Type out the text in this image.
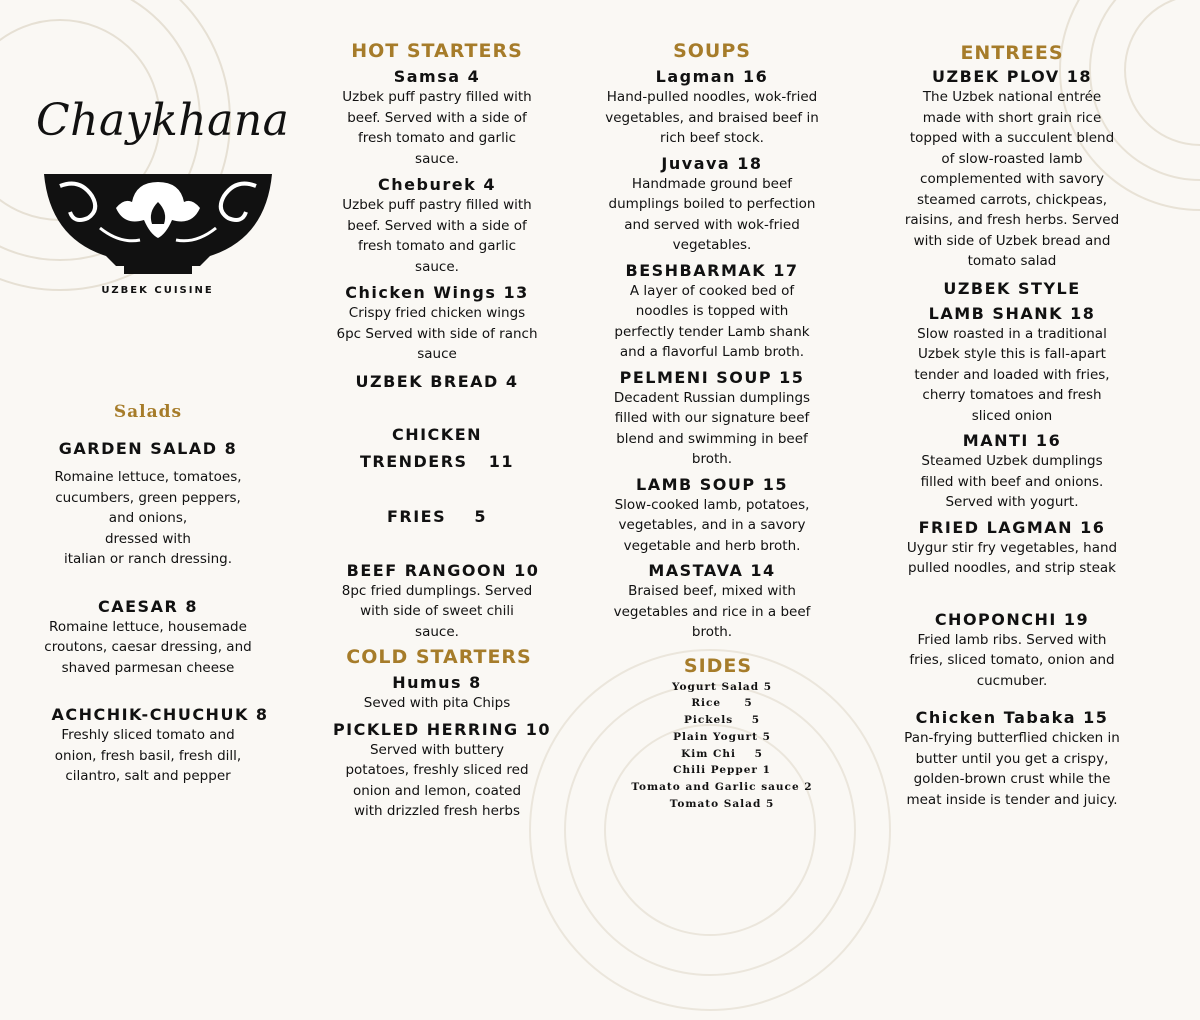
Chaykhana
UZBEK CUISINE

Salads

GARDEN SALAD 8

Romaine lettuce, tomatoes,

cucumbers, green peppers,

and onions,

dressed with

italian or ranch dressing.

CAESAR 8

Romaine lettuce, housemade

croutons, caesar dressing, and

shaved parmesan cheese

ACHCHIK-CHUCHUK 8

Freshly sliced tomato and

onion, fresh basil, fresh dill,

cilantro, salt and pepper

HOT STARTERS

Samsa 4

Uzbek puff pastry filled with

beef. Served with a side of

fresh tomato and garlic

sauce.

Cheburek 4

Uzbek puff pastry filled with

beef. Served with a side of

fresh tomato and garlic

sauce.

Chicken Wings 13

Crispy fried chicken wings

6pc Served with side of ranch

sauce

UZBEK BREAD 4

CHICKEN

TRENDERS   11

FRIES    5

BEEF RANGOON 10

8pc fried dumplings. Served

with side of sweet chili

sauce.

COLD STARTERS

Humus 8

Seved with pita Chips

PICKLED HERRING 10

Served with buttery

potatoes, freshly sliced red

onion and lemon, coated

with drizzled fresh herbs

SOUPS

Lagman 16

Hand-pulled noodles, wok-fried

vegetables, and braised beef in

rich beef stock.

Juvava 18

Handmade ground beef

dumplings boiled to perfection

and served with wok-fried

vegetables.

BESHBARMAK 17

A layer of cooked bed of

noodles is topped with

perfectly tender Lamb shank

and a flavorful Lamb broth.

PELMENI SOUP 15

Decadent Russian dumplings

filled with our signature beef

blend and swimming in beef

broth.

LAMB SOUP 15

Slow-cooked lamb, potatoes,

vegetables, and in a savory

vegetable and herb broth.

MASTAVA 14

Braised beef, mixed with

vegetables and rice in a beef

broth.

SIDES

Yogurt Salad 5

Rice     5

Pickels    5

Plain Yogurt 5

Kim Chi    5

Chili Pepper 1

Tomato and Garlic sauce 2

Tomato Salad 5

ENTREES

UZBEK PLOV 18

The Uzbek national entrée

made with short grain rice

topped with a succulent blend

of slow-roasted lamb

complemented with savory

steamed carrots, chickpeas,

raisins, and fresh herbs. Served

with side of Uzbek bread and

tomato salad

UZBEK STYLE

LAMB SHANK 18

Slow roasted in a traditional

Uzbek style this is fall-apart

tender and loaded with fries,

cherry tomatoes and fresh

sliced onion

MANTI 16

Steamed Uzbek dumplings

filled with beef and onions.

Served with yogurt.

FRIED LAGMAN 16

Uygur stir fry vegetables, hand

pulled noodles, and strip steak

CHOPONCHI 19

Fried lamb ribs. Served with

fries, sliced tomato, onion and

cucmuber.

Chicken Tabaka 15

Pan-frying butterflied chicken in

butter until you get a crispy,

golden-brown crust while the

meat inside is tender and juicy.
